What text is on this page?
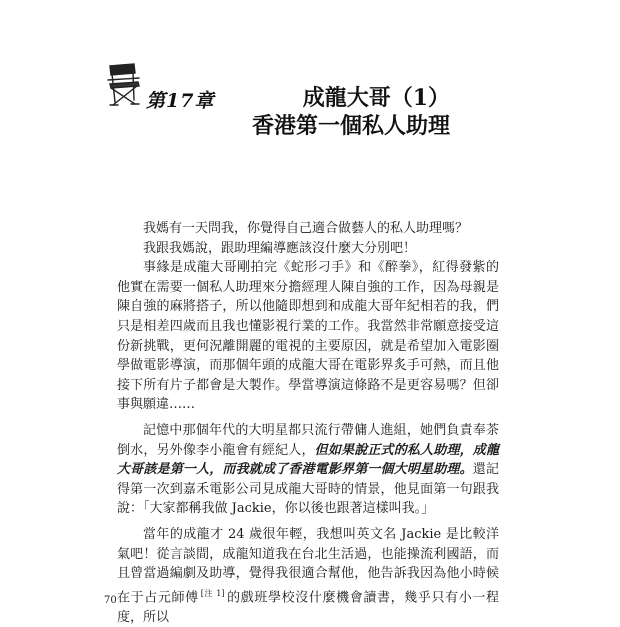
第17章	成龍大哥（1）
香港第一個私人助理

我媽有一天問我，你覺得自己適合做藝人的私人助理嗎？

我跟我媽說，跟助理編導應該沒什麼大分別吧！

事緣是成龍大哥剛拍完《蛇形刁手》和《醉拳》，紅得發紫的他實在需要一個私人助理來分擔經理人陳自強的工作，因為母親是陳自強的麻將搭子，所以他隨即想到和成龍大哥年紀相若的我，們只是相差四歲而且我也懂影視行業的工作。我當然非常願意接受這份新挑戰，更何況離開麗的電視的主要原因，就是希望加入電影圈學做電影導演，而那個年頭的成龍大哥在電影界炙手可熱，而且他接下所有片子都會是大製作。學當導演這條路不是更容易嗎？但卻事與願違……

記憶中那個年代的大明星都只流行帶傭人進組，她們負責奉茶倒水，另外像李小龍會有經紀人，但如果說正式的私人助理，成龍大哥該是第一人，而我就成了香港電影界第一個大明星助理。還記得第一次到嘉禾電影公司見成龍大哥時的情景，他見面第一句跟我說：「大家都稱我做 Jackie，你以後也跟著這樣叫我。」

當年的成龍才 24 歲很年輕，我想叫英文名 Jackie 是比較洋氣吧！從言談間，成龍知道我在台北生活過，也能操流利國語，而且曾當過編劇及助導，覺得我很適合幫他，他告訴我因為他小時候在于占元師傅 [注 1] 的戲班學校沒什麼機會讀書，幾乎只有小一程度，所以

70
